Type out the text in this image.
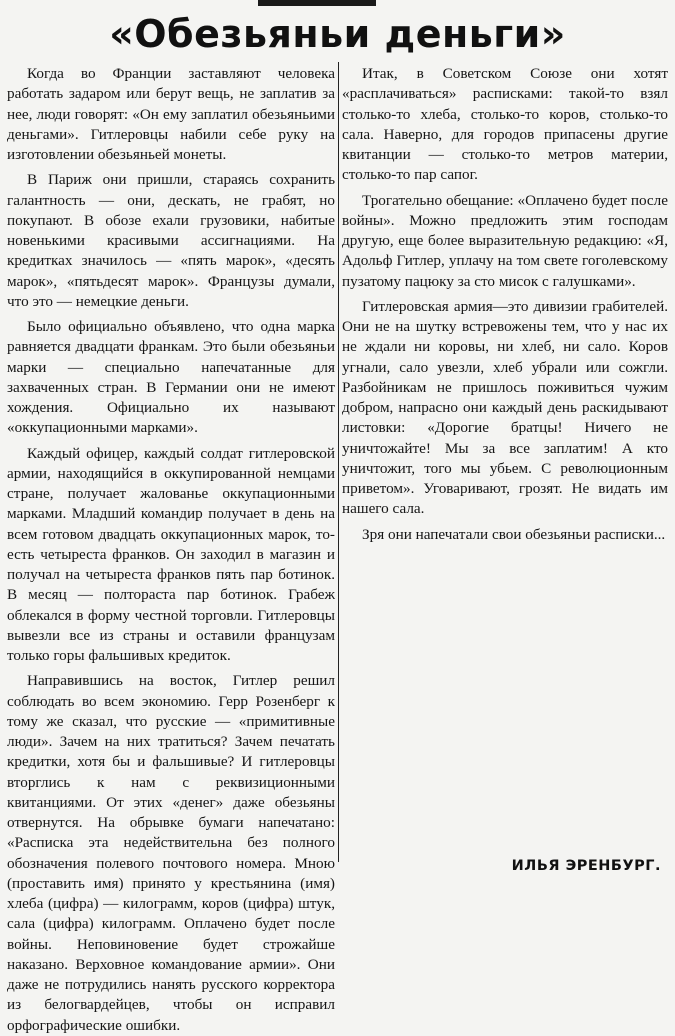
«Обезьяньи деньги»

Когда во Франции заставляют человека работать задаром или берут вещь, не заплатив за нее, люди говорят: «Он ему заплатил обезьяньими деньгами». Гитлеровцы набили себе руку на изготовлении обезьяньей монеты.

В Париж они пришли, стараясь сохранить галантность — они, дескать, не грабят, но покупают. В обозе ехали грузовики, набитые новенькими красивыми ассигнациями. На кредитках значилось — «пять марок», «десять марок», «пятьдесят марок». Французы думали, что это — немецкие деньги.

Было официально объявлено, что одна марка равняется двадцати франкам. Это были обезьяньи марки — специально напечатанные для захваченных стран. В Германии они не имеют хождения. Официально их называют «оккупационными марками».

Каждый офицер, каждый солдат гитлеровской армии, находящийся в оккупированной немцами стране, получает жалованье оккупационными марками. Младший командир получает в день на всем готовом двадцать оккупационных марок, то-есть четыреста франков. Он заходил в магазин и получал на четыреста франков пять пар ботинок. В месяц — полтораста пар ботинок. Грабеж облекался в форму честной торговли. Гитлеровцы вывезли все из страны и оставили французам только горы фальшивых кредиток.

Направившись на восток, Гитлер решил соблюдать во всем экономию. Герр Розенберг к тому же сказал, что русские — «примитивные люди». Зачем на них тратиться? Зачем печатать кредитки, хотя бы и фальшивые? И гитлеровцы вторглись к нам с реквизиционными квитанциями. От этих «денег» даже обезьяны отвернутся. На обрывке бумаги напечатано: «Расписка эта недействительна без полного обозначения полевого почтового номера. Мною (проставить имя) принято у крестьянина (имя) хлеба (цифра) — килограмм, коров (цифра) штук, сала (цифра) килограмм. Оплачено будет после войны. Неповиновение будет строжайше наказано. Верховное командование армии». Они даже не потрудились нанять русского корректора из белогвардейцев, чтобы он исправил орфографические ошибки.

Итак, в Советском Союзе они хотят «расплачиваться» расписками: такой-то взял столько-то хлеба, столько-то коров, столько-то сала. Наверно, для городов припасены другие квитанции — столько-то метров материи, столько-то пар сапог.

Трогательно обещание: «Оплачено будет после войны». Можно предложить этим господам другую, еще более выразительную редакцию: «Я, Адольф Гитлер, уплачу на том свете гоголевскому пузатому пацюку за сто мисок с галушками».

Гитлеровская армия—это дивизии грабителей. Они не на шутку встревожены тем, что у нас их не ждали ни коровы, ни хлеб, ни сало. Коров угнали, сало увезли, хлеб убрали или сожгли. Разбойникам не пришлось поживиться чужим добром, напрасно они каждый день раскидывают листовки: «Дорогие братцы! Ничего не уничтожайте! Мы за все заплатим! А кто уничтожит, того мы убьем. С революционным приветом». Уговаривают, грозят. Не видать им нашего сала.

Зря они напечатали свои обезьяньи расписки...

ИЛЬЯ ЭРЕНБУРГ.
